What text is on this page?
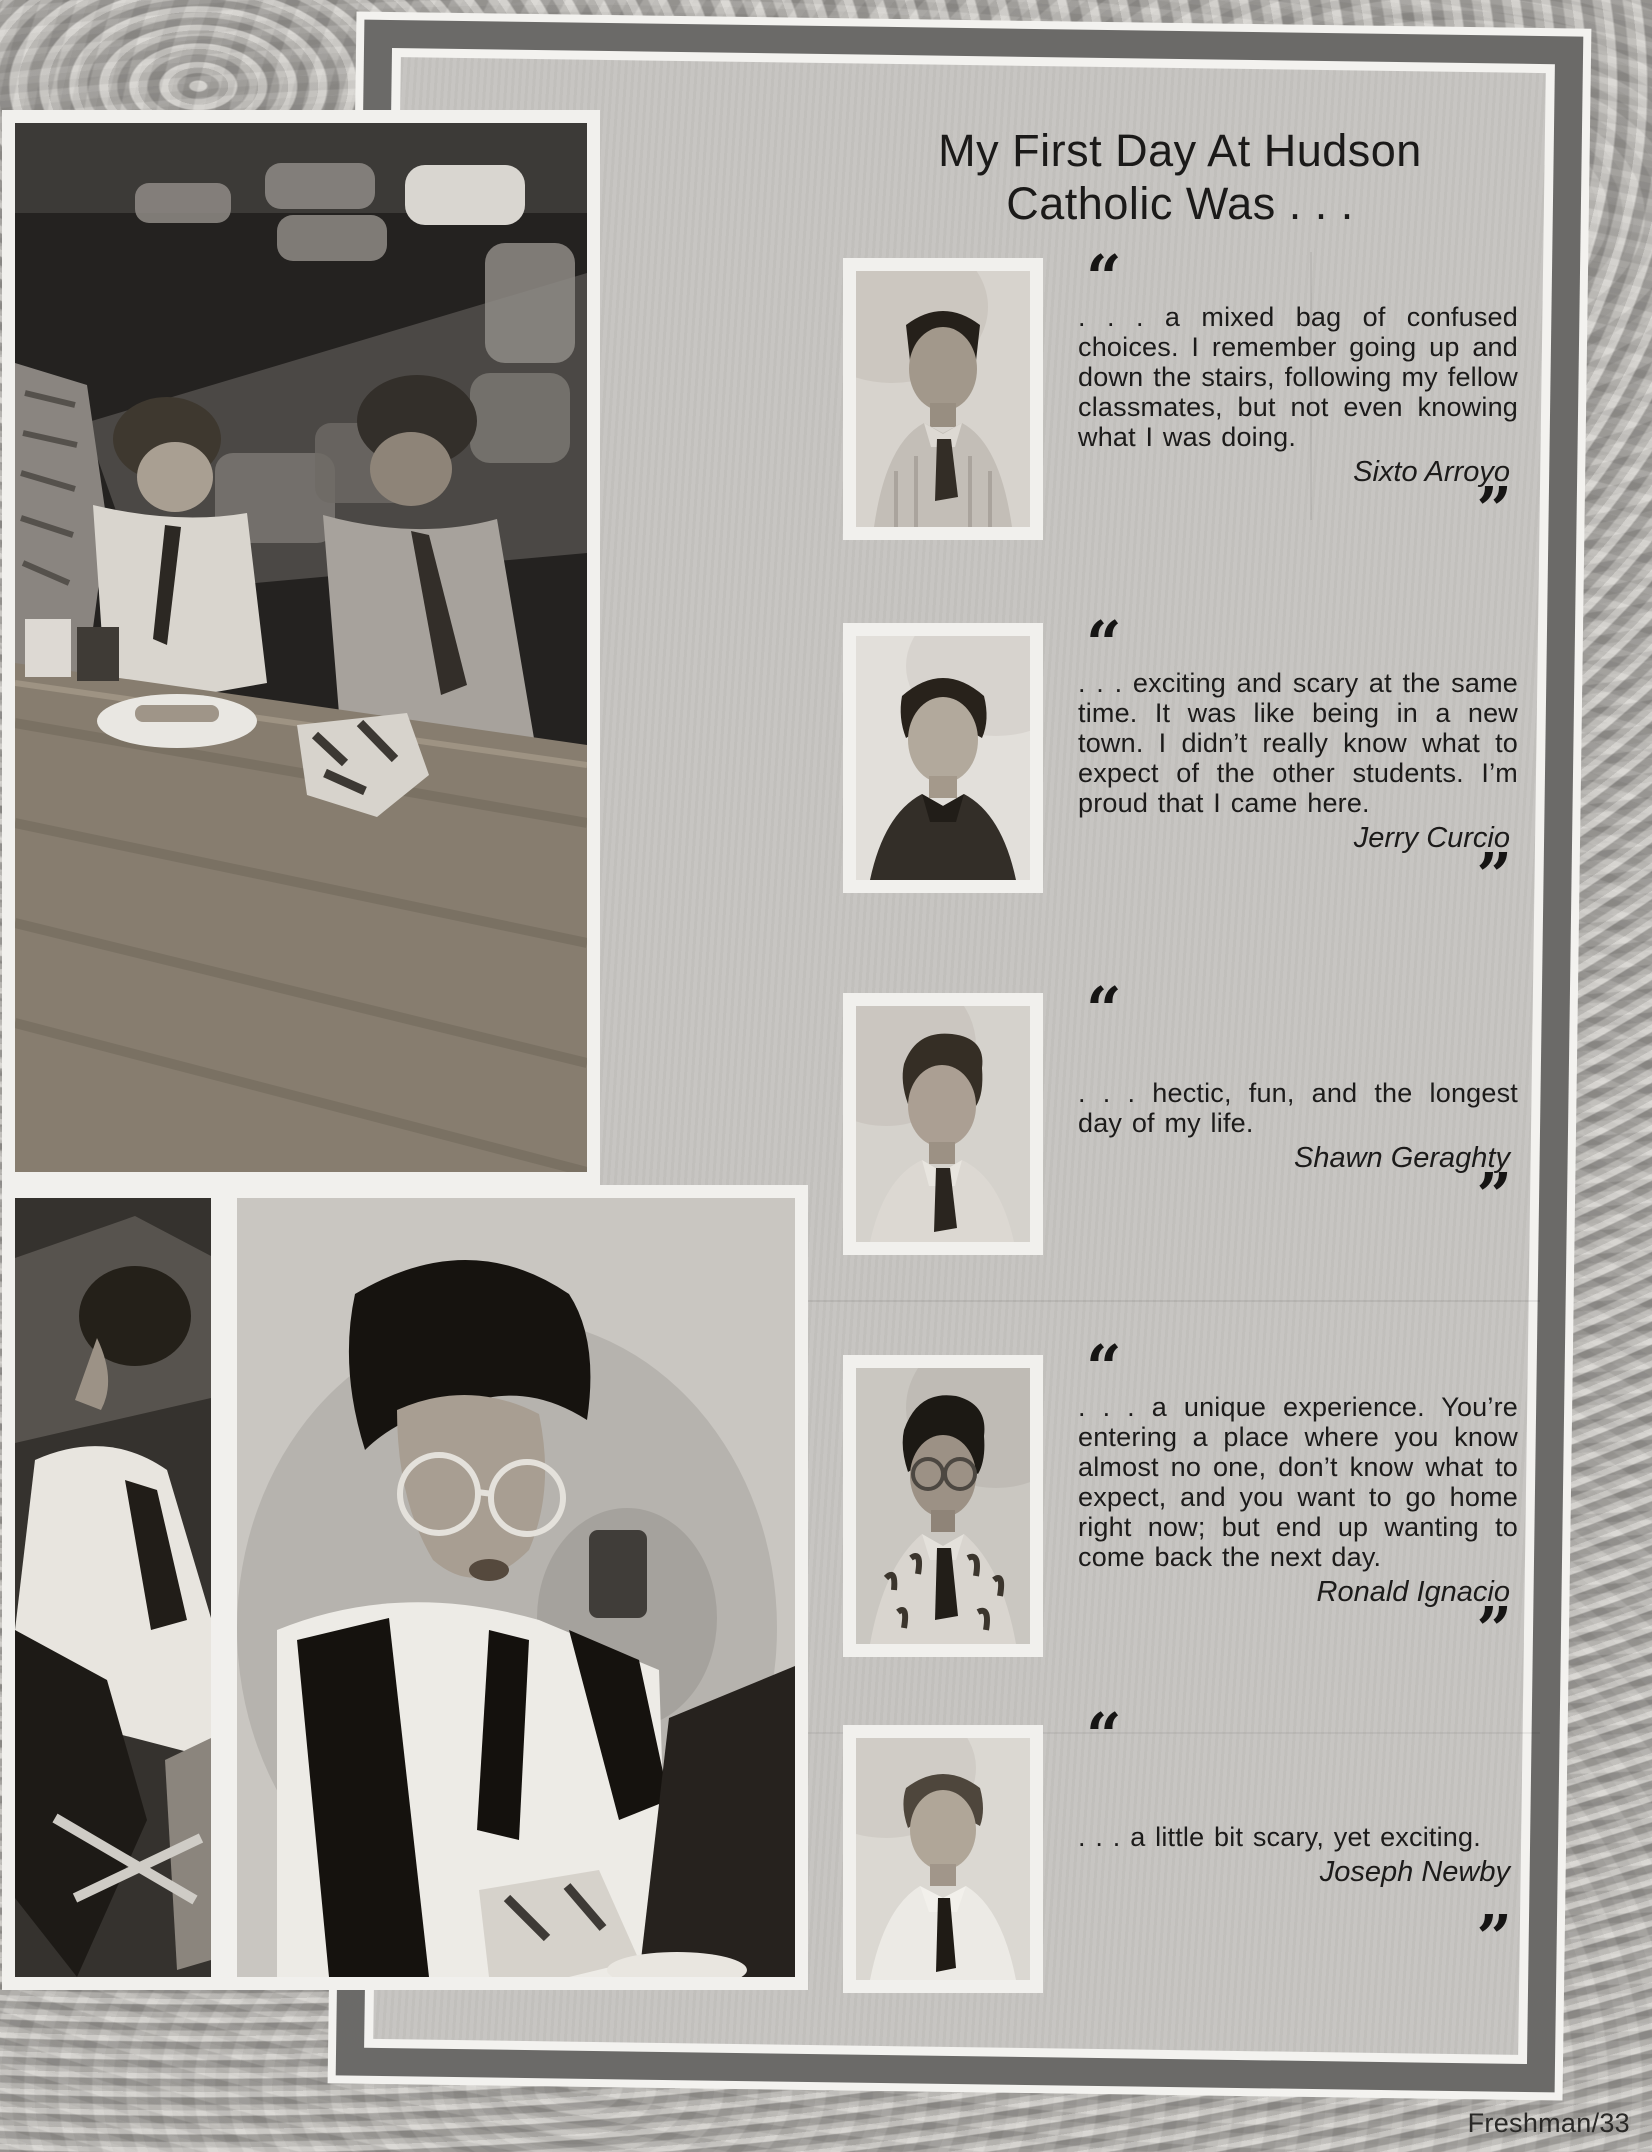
My First Day At Hudson
Catholic Was . . .
“

. . . a mixed bag of confused choices. I remember going up and down the stairs, following my fellow classmates, but not even knowing what I was doing.

Sixto Arroyo
”
“

. . . exciting and scary at the same time. It was like being in a new town. I didn’t really know what to expect of the other students. I’m proud that I came here.

Jerry Curcio
”
“

. . . hectic, fun, and the longest day of my life.

Shawn Geraghty
”
“

. . . a unique experience. You’re entering a place where you know almost no one, don’t know what to expect, and you want to go home right now; but end up wanting to come back the next day.

Ronald Ignacio
”
“

. . . a little bit scary, yet exciting.

Joseph Newby
”
Freshman/33
